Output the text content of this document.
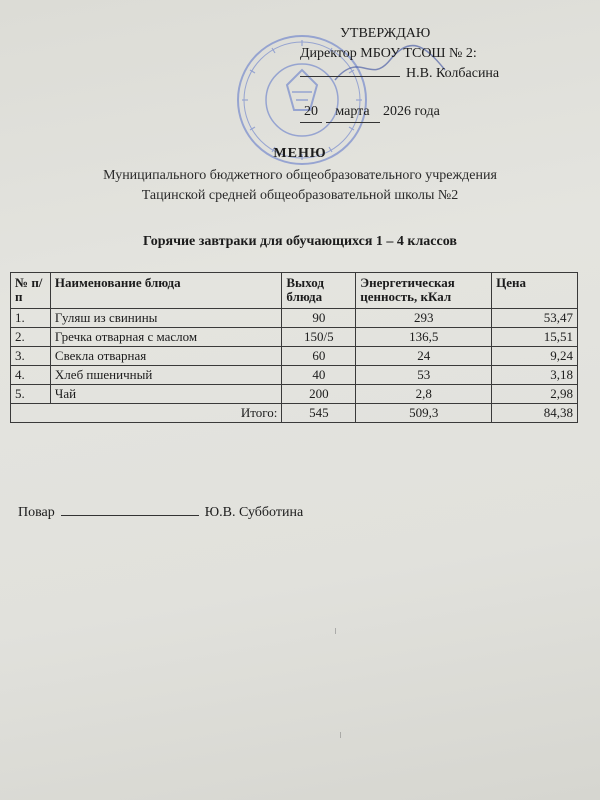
УТВЕРЖДАЮ
Директор МБОУ ТСОШ № 2:
Н.В. Колбасина
20 марта 2026 года
МЕНЮ
Муниципального бюджетного общеобразовательного учреждения
Тацинской средней общеобразовательной школы №2
Горячие завтраки для обучающихся 1 – 4 классов
№ п/п	Наименование блюда	Выход блюда	Энергетическая ценность, кКал	Цена
1.	Гуляш из свинины	90	293	53,47
2.	Гречка отварная с маслом	150/5	136,5	15,51
3.	Свекла отварная	60	24	9,24
4.	Хлеб пшеничный	40	53	3,18
5.	Чай	200	2,8	2,98
Итого:		545	509,3	84,38
Повар	Ю.В. Субботина
